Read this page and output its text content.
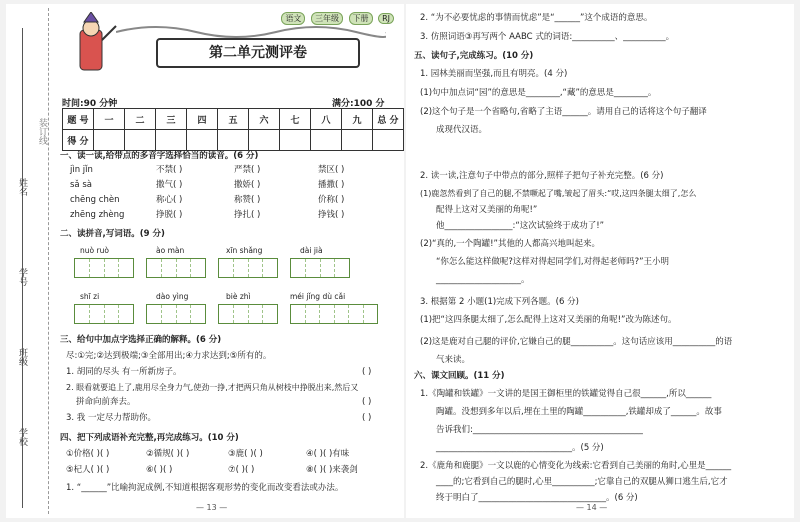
姓名
学号
班级
学校
装订线
语文 三年级 下册 RJ
第二单元测评卷
时间:90 分钟	满分:100 分
题 号	一	二	三	四	五	六	七	八	九	总 分
得 分										
一、读一读,给带点的多音字选择恰当的读音。(6 分)
jìn jǐn	不禁( )	严禁( )	禁区( )
sǎ sà	撒气( )	撒娇( )	播撒( )
chēng chèn	称心( )	称赞( )	价称( )
zhēng zhèng	挣脱( )	挣扎( )	挣钱( )
二、读拼音,写词语。(9 分)
nuò ruò	ào màn	xīn shǎng	dài jià
shī zi	dào yìng	biè zhì	méi jǐng dù cǎi
三、给句中加点字选择正确的解释。(6 分)
尽:①完;②达到极端;③全部用出;④力求达到;⑤所有的。
1. 胡同的尽头 有一所新房子。	( )
2. 眼看就要追上了,鹿用尽全身力气,使劲一挣,才把两只角从树枝中挣脱出来,然后又
拼命向前奔去。	( )
3. 我 一定尽力帮助你。	( )
四、把下列成语补充完整,再完成练习。(10 分)
①价格( )( )	②循规( )( )	③鹿( )( )	④( )( )有味
⑤杞人( )( )	⑥( )( )	⑦( )( )	⑧( )( )来袭剑
1. “______”比喻拘泥成例,不知道根据客观形势的变化而改变看法或办法。
— 13 —
2. “为不必要忧虑的事情而忧虑”是“______”这个成语的意思。
3. 仿照词语③再写两个 AABC 式的词语:__________、__________。
五、读句子,完成练习。(10 分)
1. 园林美丽而坚强,而且有明亮。(4 分)
(1)句中加点词“园”的意思是________,“藏”的意思是________。
(2)这个句子是一个省略句,省略了主语______。请用自己的话将这个句子翻译
成现代汉语。
2. 读一读,注意句子中带点的部分,照样子把句子补充完整。(6 分)
(1)鹿忽然看到了自己的腿,不禁噘起了嘴,皱起了眉头:“哎,这四条腿太细了,怎么
配得上这对又美丽的角呢!”
他________________:“这次试验终于成功了!”
(2)“真的,一个陶罐!”其他的人都高兴地叫起来。
“你怎么能这样做呢?这样对得起同学们,对得起老师吗?”王小明
____________________。
3. 根据第 2 小题(1)完成下列各题。(6 分)
(1)把“这四条腿太细了,怎么配得上这对又美丽的角呢!”改为陈述句。
(2)这是鹿对自己腿的评价,它嫌自己的腿__________。这句话应该用__________的语
气来读。
六、课文回顾。(11 分)
1.《陶罐和铁罐》一文讲的是国王御柜里的铁罐觉得自己很______,所以______
陶罐。没想到多年以后,埋在土里的陶罐__________,铁罐却成了______。故事
告诉我们:________________________________________
________________________________。(5 分)
2.《鹿角和鹿腿》一文以鹿的心情变化为线索:它看到自己美丽的角时,心里是______
____的;它看到自己的腿时,心里__________;它靠自己的双腿从狮口逃生后,它才
终于明白了______________________________。(6 分)
— 14 —
